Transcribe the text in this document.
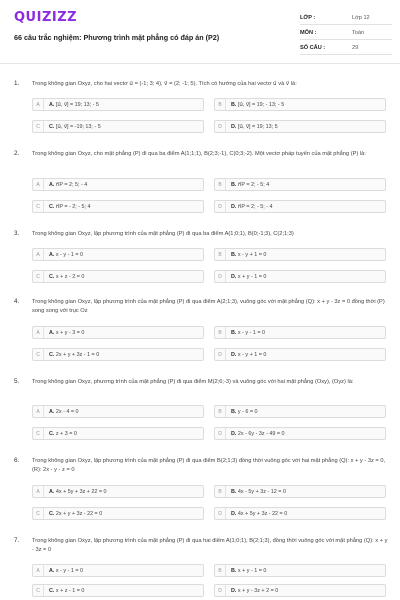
QUIZIZZ
66 câu trắc nghiệm: Phương trình mặt phẳng có đáp án (P2)
LỚP :	Lớp 12
MÔN :	Toán
SỐ CÂU :	29
1. Trong không gian Oxyz, cho hai vectơ u⃗ = (-1; 3; 4), v⃗ = (2; -1; 5). Tích có hướng của hai vectơ u⃗ và v⃗ là:
A	A. [u⃗, v⃗] = 19; 13; - 5	B	B. [u⃗, v⃗] = 19; - 13; - 5
C	C. [u⃗, v⃗] = -19; 13; - 5	D	D. [u⃗, v⃗] = 19; 13; 5
2. Trong không gian Oxyz, cho mặt phẳng (P) đi qua ba điểm A(1;1;1), B(2;3;-1), C(0;3;-2). Một vectơ pháp tuyến của mặt phẳng (P) là:
A	A. n⃗P = 2; 5; - 4	B	B. n⃗P = 2; - 5; 4
C	C. n⃗P = - 2; - 5; 4	D	D. n⃗P = 2; - 5; - 4
3. Trong không gian Oxyz, lập phương trình của mặt phẳng (P) đi qua ba điểm A(1;0;1), B(0;-1;3), C(2;1;3)
A	A. x - y - 1 = 0	B	B. x - y + 1 = 0
C	C. x + z - 2 = 0	D	D. x + y - 1 = 0
4. Trong không gian Oxyz, lập phương trình của mặt phẳng (P) đi qua điểm A(2;1;3), vuông góc với mặt phẳng (Q): x + y - 3z = 0 đồng thời (P) song song với trục Oz
A	A. x + y - 3 = 0	B	B. x - y - 1 = 0
C	C. 2x + y + 3z - 1 = 0	D	D. x - y + 1 = 0
5. Trong không gian Oxyz, phương trình của mặt phẳng (P) đi qua điểm M(2;6;-3) và vuông góc với hai mặt phẳng (Oxy), (Oyz) là:
A	A. 2x - 4 = 0	B	B. y - 6 = 0
C	C. z + 3 = 0	D	D. 2x - 6y - 3z - 49 = 0
6. Trong không gian Oxyz, lập phương trình của mặt phẳng (P) đi qua điểm B(2;1;3) đồng thời vuông góc với hai mặt phẳng (Q): x + y - 3z = 0, (R): 2x - y - z = 0
A	A. 4x + 5y + 3z + 22 = 0	B	B. 4x - 5y + 3z - 12 = 0
C	C. 2x + y + 3z - 22 = 0	D	D. 4x + 5y + 3z - 22 = 0
7. Trong không gian Oxyz, lập phương trình của mặt phẳng (P) đi qua hai điểm A(1;0;1), B(2;1;3), đồng thời vuông góc với mặt phẳng (Q): x + y - 3z = 0
A	A. x - y - 1 = 0	B	B. x + y - 1 = 0
C	C. x + z - 1 = 0	D	D. x + y - 3z + 2 = 0
